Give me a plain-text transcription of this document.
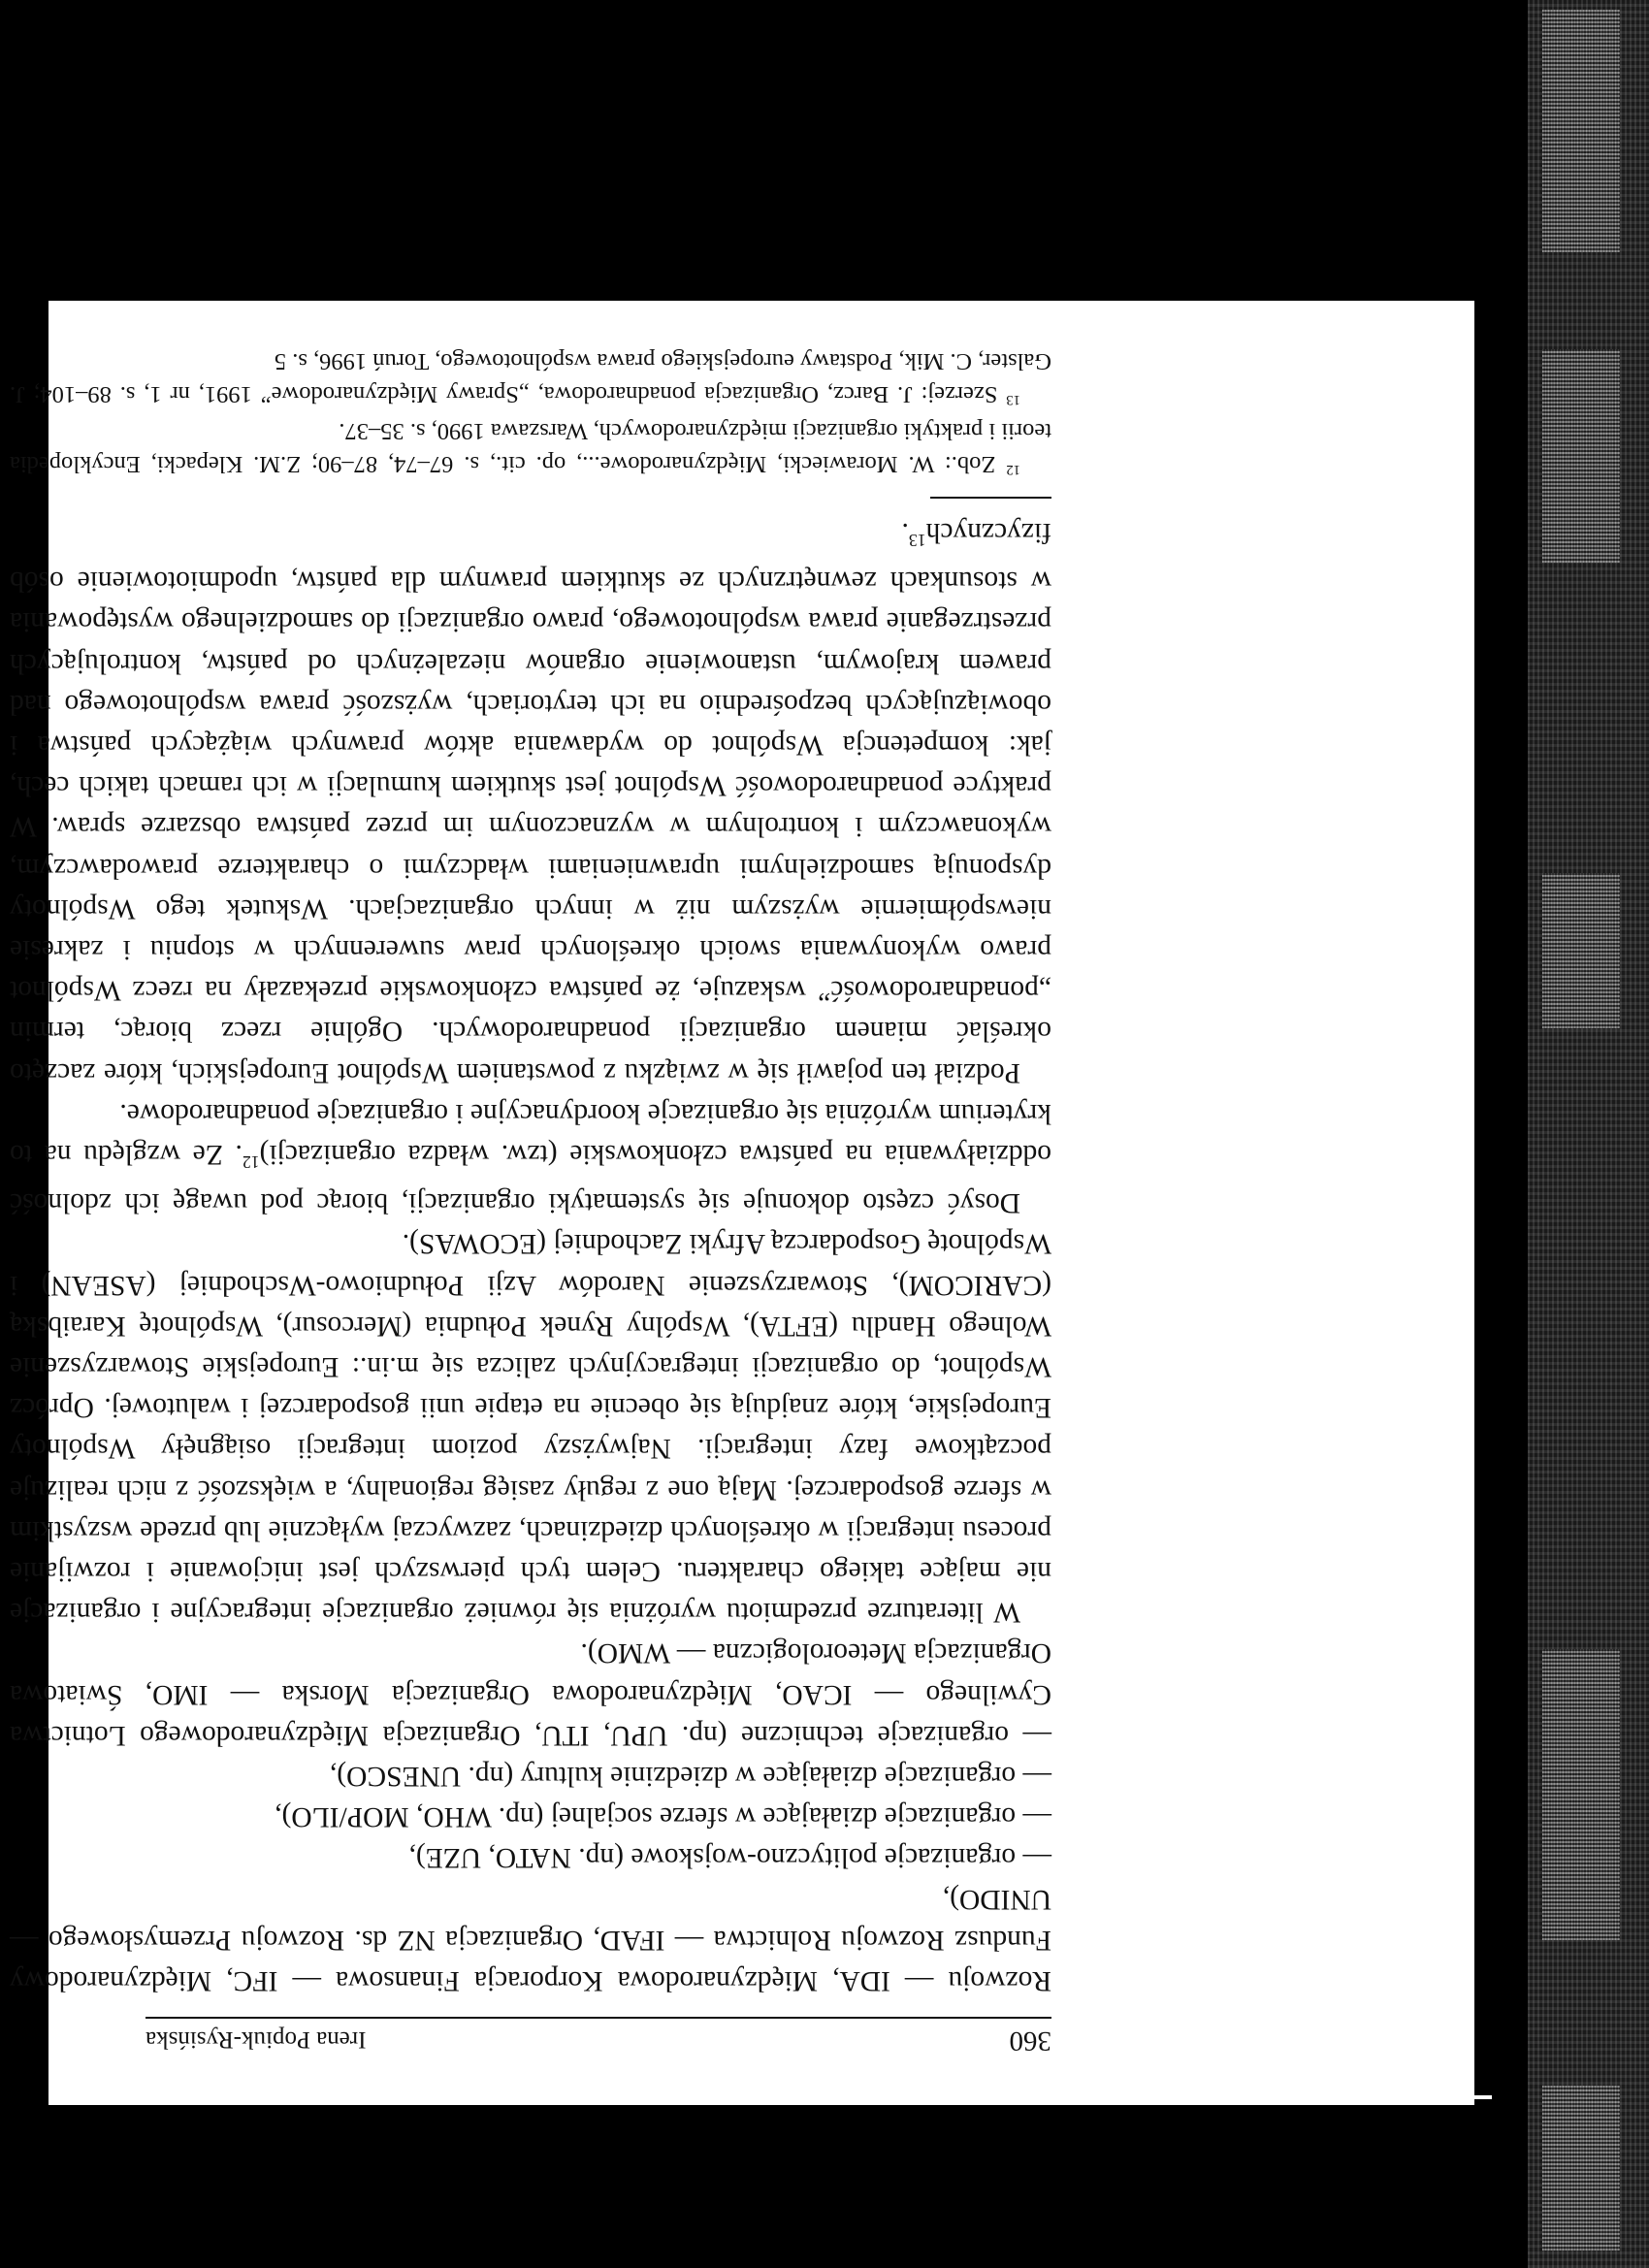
360
Irena Popiuk-Rysińska

Rozwoju — IDA, Międzynarodowa Korporacja Finansowa — IFC, Międzynarodowy Fundusz Rozwoju Rolnictwa — IFAD, Organizacja NZ ds. Rozwoju Przemysłowego — UNIDO),

— organizacje polityczno-wojskowe (np. NATO, UZE),

— organizacje działające w sferze socjalnej (np. WHO, MOP/ILO),

— organizacje działające w dziedzinie kultury (np. UNESCO),

— organizacje techniczne (np. UPU, ITU, Organizacja Międzynarodowego Lotnictwa Cywilnego — ICAO, Międzynarodowa Organizacja Morska — IMO, Światowa Organizacja Meteorologiczna — WMO).

W literaturze przedmiotu wyróżnia się również organizacje integracyjne i organizacje nie mające takiego charakteru. Celem tych pierwszych jest inicjowanie i rozwijanie procesu integracji w określonych dziedzinach, zazwyczaj wyłącznie lub przede wszystkim w sferze gospodarczej. Mają one z reguły zasięg regionalny, a większość z nich realizuje początkowe fazy integracji. Najwyższy poziom integracji osiągnęły Wspólnoty Europejskie, które znajdują się obecnie na etapie unii gospodarczej i walutowej. Oprócz Wspólnot, do organizacji integracyjnych zalicza się m.in.: Europejskie Stowarzyszenie Wolnego Handlu (EFTA), Wspólny Rynek Południa (Mercosur), Wspólnotę Karaibską (CARICOM), Stowarzyszenie Narodów Azji Południowo-Wschodniej (ASEAN) i Wspólnotę Gospodarczą Afryki Zachodniej (ECOWAS).

Dosyć często dokonuje się systematyki organizacji, biorąc pod uwagę ich zdolność oddziaływania na państwa członkowskie (tzw. władza organizacji)$^{12}$. Ze względu na to kryterium wyróżnia się organizacje koordynacyjne i organizacje ponadnarodowe.

Podział ten pojawił się w związku z powstaniem Wspólnot Europejskich, które zaczęto określać mianem organizacji ponadnarodowych. Ogólnie rzecz biorąc, termin „ponadnarodowość” wskazuje, że państwa członkowskie przekazały na rzecz Wspólnot prawo wykonywania swoich określonych praw suwerennych w stopniu i zakresie niewspółmiernie wyższym niż w innych organizacjach. Wskutek tego Wspólnoty dysponują samodzielnymi uprawnieniami władczymi o charakterze prawodawczym, wykonawczym i kontrolnym w wyznaczonym im przez państwa obszarze spraw. W praktyce ponadnarodowość Wspólnot jest skutkiem kumulacji w ich ramach takich cech, jak: kompetencja Wspólnot do wydawania aktów prawnych wiążących państwa i obowiązujących bezpośrednio na ich terytoriach, wyższość prawa wspólnotowego nad prawem krajowym, ustanowienie organów niezależnych od państw, kontrolujących przestrzeganie prawa wspólnotowego, prawo organizacji do samodzielnego występowania w stosunkach zewnętrznych ze skutkiem prawnym dla państw, upodmiotowienie osób fizycznych$^{13}$.

$^{12}$ Zob.: W. Morawiecki, Międzynarodowe..., op. cit., s. 67–74, 87–90; Z.M. Klepacki, Encyklopedia teorii i praktyki organizacji międzynarodowych, Warszawa 1990, s. 35–37.

$^{13}$ Szerzej: J. Barcz, Organizacja ponadnarodowa, „Sprawy Międzynarodowe” 1991, nr 1, s. 89–104; J. Galster, C. Mik, Podstawy europejskiego prawa wspólnotowego, Toruń 1996, s. 5
